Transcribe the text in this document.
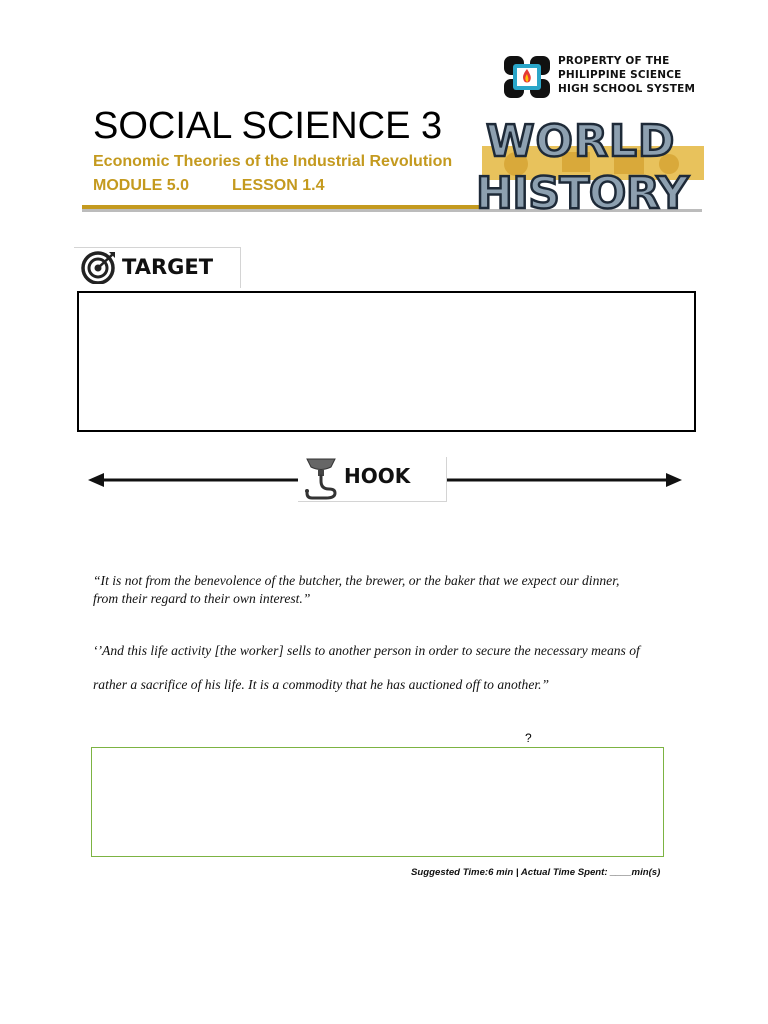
PROPERTY OF THE
PHILIPPINE SCIENCE
HIGH SCHOOL SYSTEM
SOCIAL SCIENCE 3
Economic Theories of the Industrial Revolution
MODULE 5.0	LESSON 1.4
WORLD
HISTORY
TARGET
HOOK
“It is not from the benevolence of the butcher, the brewer, or the baker that we expect our dinner,
from their regard to their own interest.”
‘’And this life activity [the worker] sells to another person in order to secure the necessary means of
rather a sacrifice of his life. It is a commodity that he has auctioned off to another.”
?
Suggested Time:6 min | Actual Time Spent: ____min(s)
